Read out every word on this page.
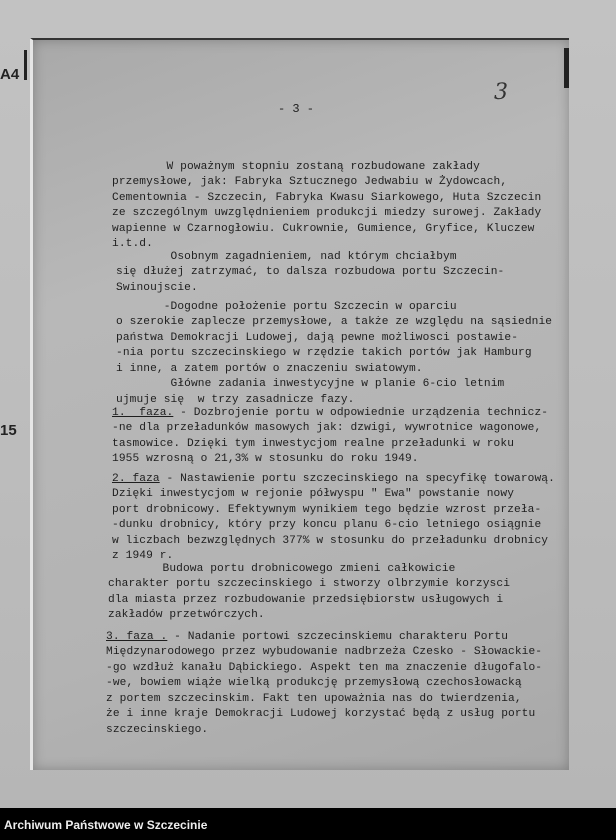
A4
15
3
- 3 -

W poważnym stopniu zostaną rozbudowane zakłady
przemysłowe, jak: Fabryka Sztucznego Jedwabiu w Żydowcach,
Cementownia - Szczecin, Fabryka Kwasu Siarkowego, Huta Szczecin
ze szczególnym uwzględnieniem produkcji miedzy surowej. Zakłady
wapienne w Czarnogłowiu. Cukrownie, Gumience, Gryfice, Kluczew
i.t.d.

Osobnym zagadnieniem, nad którym chciałbym
się dłużej zatrzymać, to dalsza rozbudowa portu Szczecin-
Swinoujscie.

-Dogodne położenie portu Szczecin w oparciu
o szerokie zaplecze przemysłowe, a także ze względu na sąsiednie
państwa Demokracji Ludowej, dają pewne możliwosci postawie-
-nia portu szczecinskiego w rzędzie takich portów jak Hamburg
i inne, a zatem portów o znaczeniu swiatowym.
Główne zadania inwestycyjne w planie 6-cio letnim
ujmuje się  w trzy zasadnicze fazy.

1.  faza. - Dozbrojenie portu w odpowiednie urządzenia technicz-
-ne dla przeładunków masowych jak: dzwigi, wywrotnice wagonowe,
tasmowice. Dzięki tym inwestycjom realne przeładunki w roku
1955 wzrosną o 21,3% w stosunku do roku 1949.

2. faza - Nastawienie portu szczecinskiego na specyfikę towarową.
Dzięki inwestycjom w rejonie półwyspu " Ewa" powstanie nowy
port drobnicowy. Efektywnym wynikiem tego będzie wzrost przeła-
-dunku drobnicy, który przy koncu planu 6-cio letniego osiągnie
w liczbach bezwzględnych 377% w stosunku do przeładunku drobnicy
z 1949 r.

Budowa portu drobnicowego zmieni całkowicie
charakter portu szczecinskiego i stworzy olbrzymie korzysci
dla miasta przez rozbudowanie przedsiębiorstw usługowych i
zakładów przetwórczych.

3. faza . - Nadanie portowi szczecinskiemu charakteru Portu
Międzynarodowego przez wybudowanie nadbrzeża Czesko - Słowackie-
-go wzdłuż kanału Dąbickiego. Aspekt ten ma znaczenie długofalo-
-we, bowiem wiąże wielką produkcję przemysłową czechosłowacką
z portem szczecinskim. Fakt ten upoważnia nas do twierdzenia,
że i inne kraje Demokracji Ludowej korzystać będą z usług portu
szczecinskiego.

Archiwum Państwowe w Szczecinie
